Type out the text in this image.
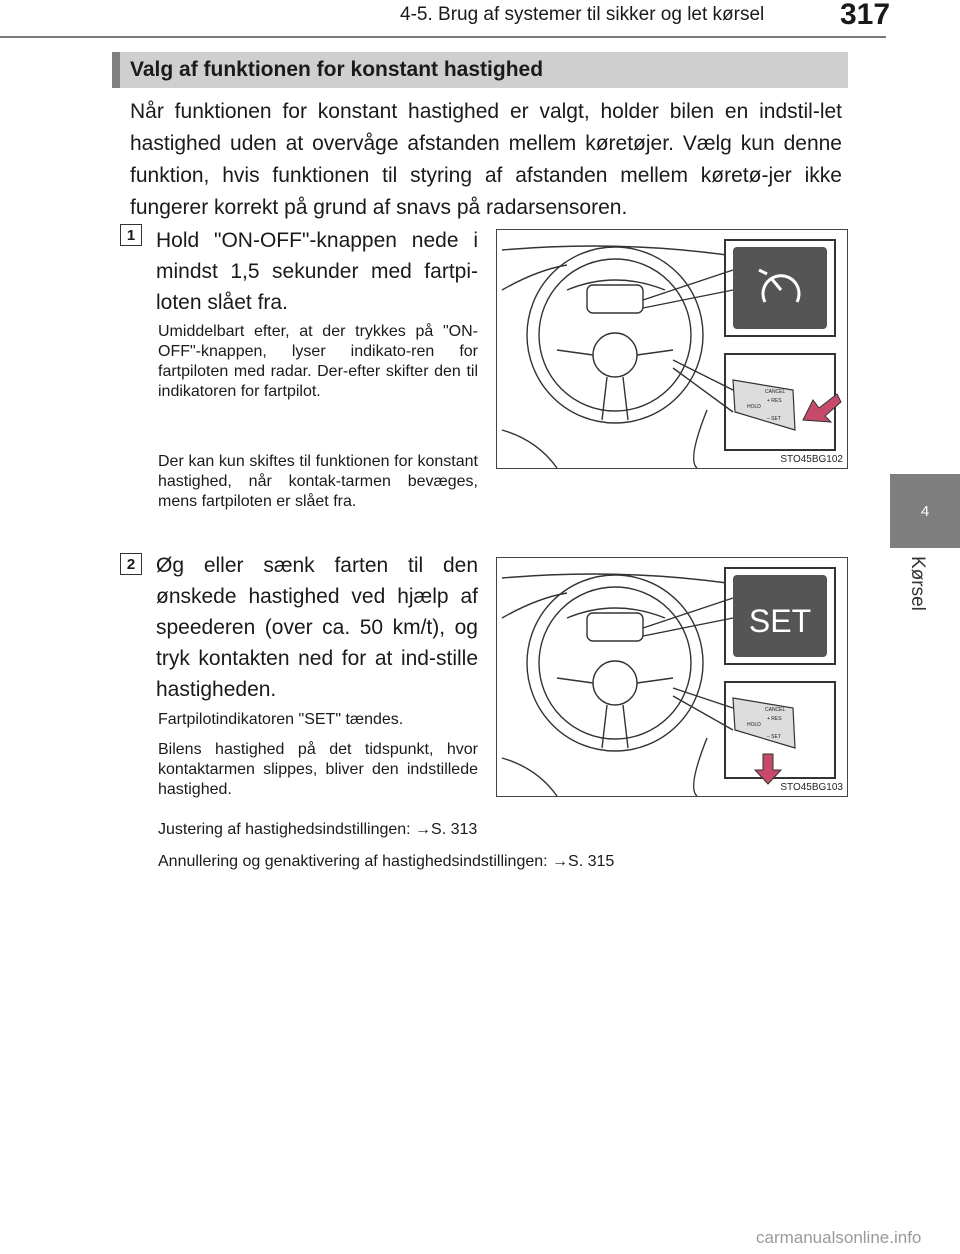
4-5. Brug af systemer til sikker og let kørsel	317
4
Kørsel
Valg af funktionen for konstant hastighed
Når funktionen for konstant hastighed er valgt, holder bilen en indstil-let hastighed uden at overvåge afstanden mellem køretøjer. Vælg kun denne funktion, hvis funktionen til styring af afstanden mellem køretø-jer ikke fungerer korrekt på grund af snavs på radarsensoren.
1 Hold "ON-OFF"-knappen nede i mindst 1,5 sekunder med fartpi-loten slået fra.
Umiddelbart efter, at der trykkes på "ON-OFF"-knappen, lyser indikato-ren for fartpiloten med radar. Der-efter skifter den til indikatoren for fartpilot.
Der kan kun skiftes til funktionen for konstant hastighed, når kontak-tarmen bevæges, mens fartpiloten er slået fra.
CANCEL
+ RES
HOLD
– SET
STO45BG102
2 Øg eller sænk farten til den ønskede hastighed ved hjælp af speederen (over ca. 50 km/t), og tryk kontakten ned for at ind-stille hastigheden.
Fartpilotindikatoren "SET" tændes.
Bilens hastighed på det tidspunkt, hvor kontaktarmen slippes, bliver den indstillede hastighed.
Justering af hastighedsindstillingen: →S. 313
Annullering og genaktivering af hastighedsindstillingen: →S. 315
SET
CANCEL
+ RES
HOLD
– SET
STO45BG103
carmanualsonline.info
